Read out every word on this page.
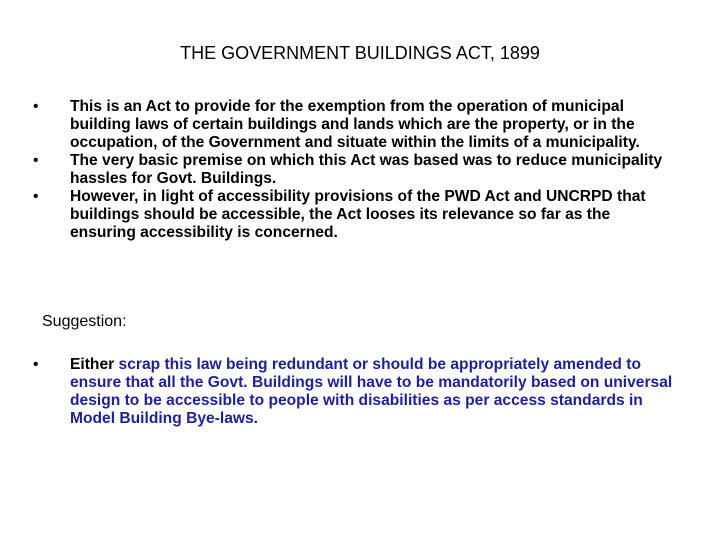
THE GOVERNMENT BUILDINGS ACT, 1899
• This is an Act to provide for the exemption from the operation of municipal building laws of certain buildings and lands which are the property, or in the occupation, of the Government and situate within the limits of a municipality.
• The very basic premise on which this Act was based was to reduce municipality hassles for Govt. Buildings.
• However, in light of accessibility provisions of the PWD Act and UNCRPD that buildings should be accessible, the Act looses its relevance so far as the ensuring accessibility is concerned.

Suggestion:

• Either scrap this law being redundant or should be appropriately amended to ensure that all the Govt. Buildings will have to be mandatorily based on universal design to be accessible to people with disabilities as per access standards in Model Building Bye-laws.
